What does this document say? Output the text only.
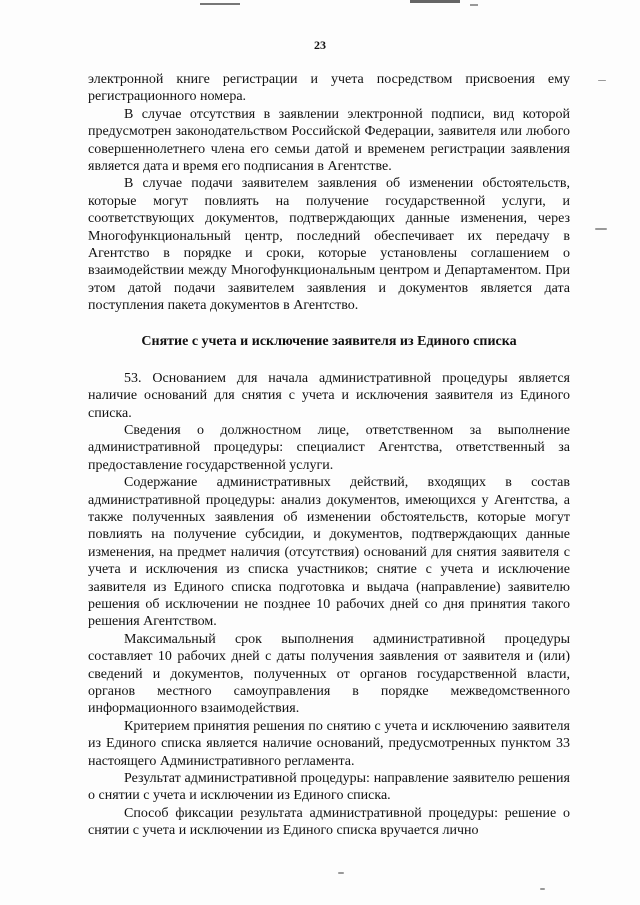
23

электронной книге регистрации и учета посредством присвоения ему регистрационного номера.

В случае отсутствия в заявлении электронной подписи, вид которой предусмотрен законодательством Российской Федерации, заявителя или любого совершеннолетнего члена его семьи датой и временем регистрации заявления является дата и время его подписания в Агентстве.

В случае подачи заявителем заявления об изменении обстоятельств, которые могут повлиять на получение государственной услуги, и соответствующих документов, подтверждающих данные изменения, через Многофункциональный центр, последний обеспечивает их передачу в Агентство в порядке и сроки, которые установлены соглашением о взаимодействии между Многофункциональным центром и Департаментом. При этом датой подачи заявителем заявления и документов является дата поступления пакета документов в Агентство.

Снятие с учета и исключение заявителя из Единого списка

53. Основанием для начала административной процедуры является наличие оснований для снятия с учета и исключения заявителя из Единого списка.

Сведения о должностном лице, ответственном за выполнение административной процедуры: специалист Агентства, ответственный за предоставление государственной услуги.

Содержание административных действий, входящих в состав административной процедуры: анализ документов, имеющихся у Агентства, а также полученных заявления об изменении обстоятельств, которые могут повлиять на получение субсидии, и документов, подтверждающих данные изменения, на предмет наличия (отсутствия) оснований для снятия заявителя с учета и исключения из списка участников; снятие с учета и исключение заявителя из Единого списка подготовка и выдача (направление) заявителю решения об исключении не позднее 10 рабочих дней со дня принятия такого решения Агентством.

Максимальный срок выполнения административной процедуры составляет 10 рабочих дней с даты получения заявления от заявителя и (или) сведений и документов, полученных от органов государственной власти, органов местного самоуправления в порядке межведомственного информационного взаимодействия.

Критерием принятия решения по снятию с учета и исключению заявителя из Единого списка является наличие оснований, предусмотренных пунктом 33 настоящего Административного регламента.

Результат административной процедуры: направление заявителю решения о снятии с учета и исключении из Единого списка.

Способ фиксации результата административной процедуры: решение о снятии с учета и исключении из Единого списка вручается лично
